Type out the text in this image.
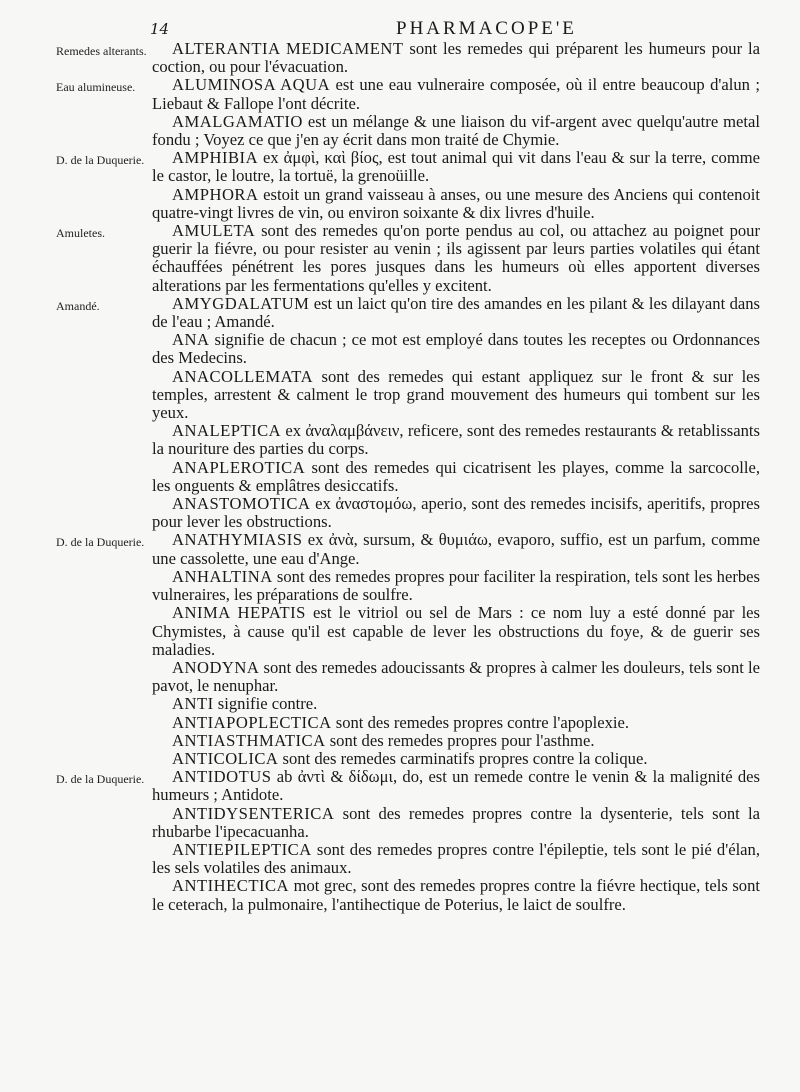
14	PHARMACOPE'E
Remedes alterants.	ALTERANTIA MEDICAMENT sont les remedes qui préparent les humeurs pour la coction, ou pour l'évacuation.

Eau alumineuse.	ALUMINOSA AQUA est une eau vulneraire composée, où il entre beaucoup d'alun ; Liebaut & Fallope l'ont décrite.

AMALGAMATIO est un mélange & une liaison du vif-argent avec quelqu'autre metal fondu ; Voyez ce que j'en ay écrit dans mon traité de Chymie.

D. de la Duquerie.	AMPHIBIA ex ἀμφὶ, καὶ βίος, est tout animal qui vit dans l'eau & sur la terre, comme le castor, le loutre, la tortuë, la grenoüille.

AMPHORA estoit un grand vaisseau à anses, ou une mesure des Anciens qui contenoit quatre-vingt livres de vin, ou environ soixante & dix livres d'huile.

Amuletes.	AMULETA sont des remedes qu'on porte pendus au col, ou attachez au poignet pour guerir la fiévre, ou pour resister au venin ; ils agissent par leurs parties volatiles qui étant échauffées pénétrent les pores jusques dans les humeurs où elles apportent diverses alterations par les fermentations qu'elles y excitent.

Amandé.	AMYGDALATUM est un laict qu'on tire des amandes en les pilant & les dilayant dans de l'eau ; Amandé.

ANA signifie de chacun ; ce mot est employé dans toutes les receptes ou Ordonnances des Medecins.

ANACOLLEMATA sont des remedes qui estant appliquez sur le front & sur les temples, arrestent & calment le trop grand mouvement des humeurs qui tombent sur les yeux.

ANALEPTICA ex ἀναλαμβάνειν, reficere, sont des remedes restaurants & retablissants la nouriture des parties du corps.

ANAPLEROTICA sont des remedes qui cicatrisent les playes, comme la sarcocolle, les onguents & emplâtres desiccatifs.

ANASTOMOTICA ex ἀναστομόω, aperio, sont des remedes incisifs, aperitifs, propres pour lever les obstructions.

D. de la Duquerie.	ANATHYMIASIS ex ἀνὰ, sursum, & θυμιάω, evaporo, suffio, est un parfum, comme une cassolette, une eau d'Ange.

ANHALTINA sont des remedes propres pour faciliter la respiration, tels sont les herbes vulneraires, les préparations de soulfre.

ANIMA HEPATIS est le vitriol ou sel de Mars : ce nom luy a esté donné par les Chymistes, à cause qu'il est capable de lever les obstructions du foye, & de guerir ses maladies.

ANODYNA sont des remedes adoucissants & propres à calmer les douleurs, tels sont le pavot, le nenuphar.

ANTI signifie contre.

ANTIAPOPLECTICA sont des remedes propres contre l'apoplexie.

ANTIASTHMATICA sont des remedes propres pour l'asthme.

ANTICOLICA sont des remedes carminatifs propres contre la colique.

D. de la Duquerie.	ANTIDOTUS ab ἀντὶ & δίδωμι, do, est un remede contre le venin & la malignité des humeurs ; Antidote.

ANTIDYSENTERICA sont des remedes propres contre la dysenterie, tels sont la rhubarbe l'ipecacuanha.

ANTIEPILEPTICA sont des remedes propres contre l'épileptie, tels sont le pié d'élan, les sels volatiles des animaux.

ANTIHECTICA mot grec, sont des remedes propres contre la fiévre hectique, tels sont le ceterach, la pulmonaire, l'antihectique de Poterius, le laict de soulfre.
